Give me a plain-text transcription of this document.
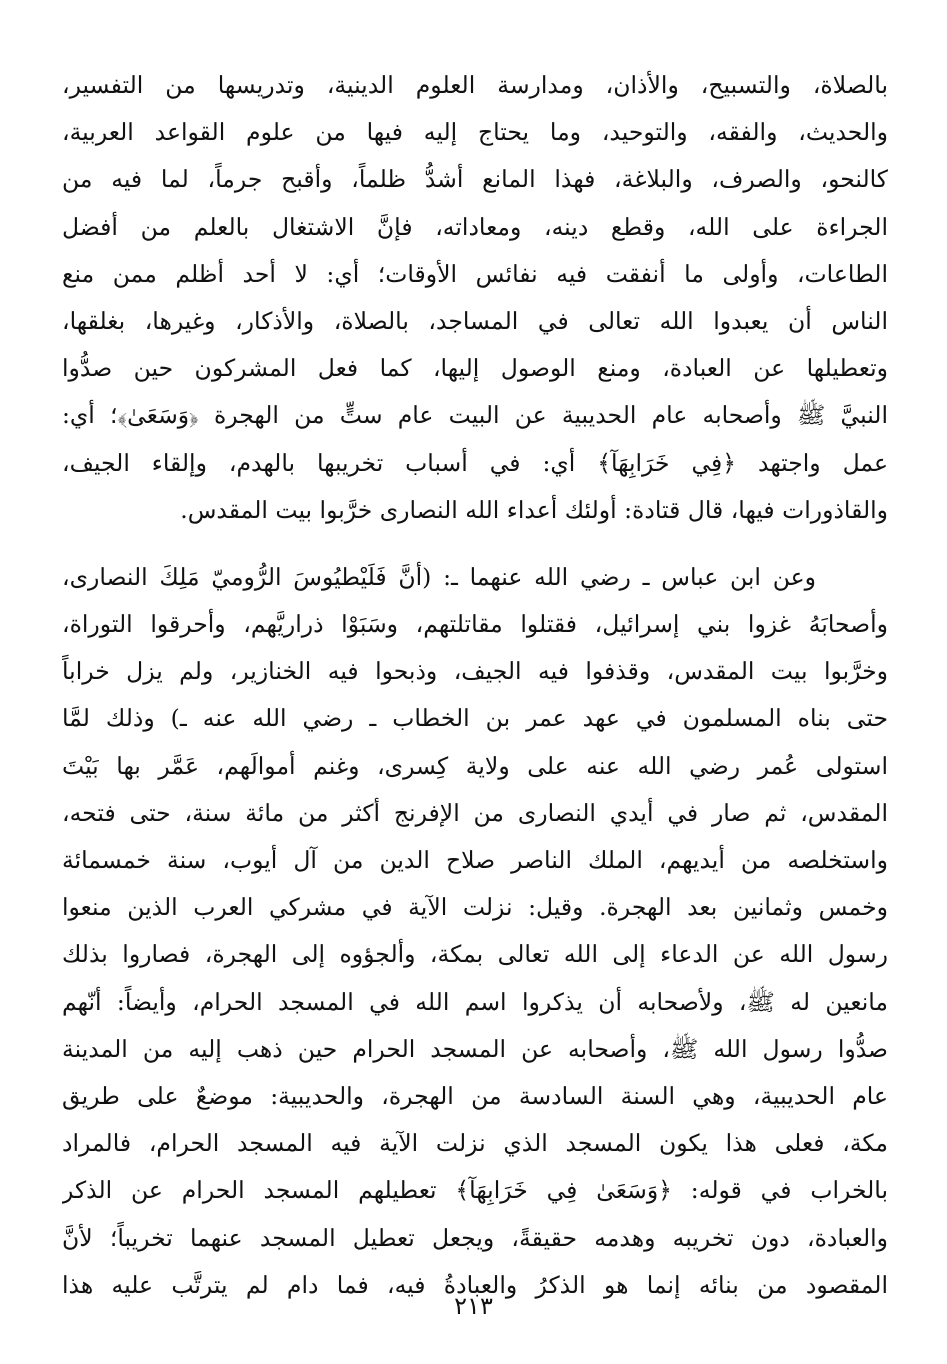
بالصلاة، والتسبيح، والأذان، ومدارسة العلوم الدينية، وتدريسها من التفسير،
والحديث، والفقه، والتوحيد، وما يحتاج إليه فيها من علوم القواعد العربية،
كالنحو، والصرف، والبلاغة، فهذا المانع أشدُّ ظلماً، وأقبح جرماً، لما فيه من
الجراءة على الله، وقطع دينه، ومعاداته، فإنَّ الاشتغال بالعلم من أفضل
الطاعات، وأولى ما أنفقت فيه نفائس الأوقات؛ أي: لا أحد أظلم ممن منع
الناس أن يعبدوا الله تعالى في المساجد، بالصلاة، والأذكار، وغيرها، بغلقها،
وتعطيلها عن العبادة، ومنع الوصول إليها، كما فعل المشركون حين صدُّوا
النبيَّ ﷺ وأصحابه عام الحديبية عن البيت عام ستٍّ من الهجرة ﴿وَسَعَىٰ﴾؛ أي:
عمل واجتهد ﴿فِي خَرَابِهَآ﴾ أي: في أسباب تخريبها بالهدم، وإلقاء الجيف،
والقاذورات فيها، قال قتادة: أولئك أعداء الله النصارى خرَّبوا بيت المقدس.
وعن ابن عباس ـ رضي الله عنهما ـ: (أنَّ فَلَيْطيُوسَ الرُّوميّ مَلِكَ النصارى،
وأصحابَهُ غزوا بني إسرائيل، فقتلوا مقاتلتهم، وسَبَوْا ذراريَّهم، وأحرقوا التوراة،
وخرَّبوا بيت المقدس، وقذفوا فيه الجيف، وذبحوا فيه الخنازير، ولم يزل خراباً
حتى بناه المسلمون في عهد عمر بن الخطاب ـ رضي الله عنه ـ) وذلك لمَّا
استولى عُمر رضي الله عنه على ولاية كِسرى، وغنم أموالَهم، عَمَّر بها بَيْتَ
المقدس، ثم صار في أيدي النصارى من الإفرنج أكثر من مائة سنة، حتى فتحه،
واستخلصه من أيديهم، الملك الناصر صلاح الدين من آل أيوب، سنة خمسمائة
وخمس وثمانين بعد الهجرة. وقيل: نزلت الآية في مشركي العرب الذين منعوا
رسول الله عن الدعاء إلى الله تعالى بمكة، وألجؤوه إلى الهجرة، فصاروا بذلك
مانعين له ﷺ، ولأصحابه أن يذكروا اسم الله في المسجد الحرام، وأيضاً: أنّهم
صدُّوا رسول الله ﷺ، وأصحابه عن المسجد الحرام حين ذهب إليه من المدينة
عام الحديبية، وهي السنة السادسة من الهجرة، والحديبية: موضعٌ على طريق
مكة، فعلى هذا يكون المسجد الذي نزلت الآية فيه المسجد الحرام، فالمراد
بالخراب في قوله: ﴿وَسَعَىٰ فِي خَرَابِهَآ﴾ تعطيلهم المسجد الحرام عن الذكر
والعبادة، دون تخريبه وهدمه حقيقةً، ويجعل تعطيل المسجد عنهما تخريباً؛ لأنَّ
المقصود من بنائه إنما هو الذكرُ والعبادةُ فيه، فما دام لم يترتَّب عليه هذا
٢١٣
